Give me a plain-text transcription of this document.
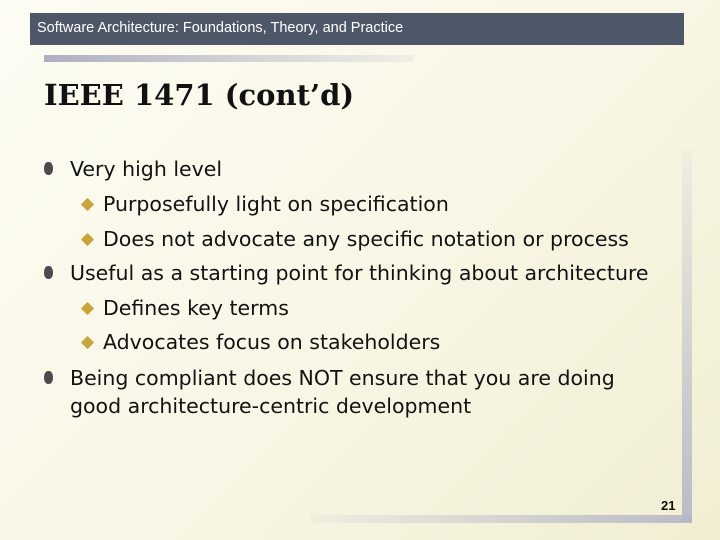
Software Architecture: Foundations, Theory, and Practice
IEEE 1471 (cont’d)
Very high level
Purposefully light on specification
Does not advocate any specific notation or process
Useful as a starting point for thinking about architecture
Defines key terms
Advocates focus on stakeholders
Being compliant does NOT ensure that you are doing
good architecture-centric development
21
